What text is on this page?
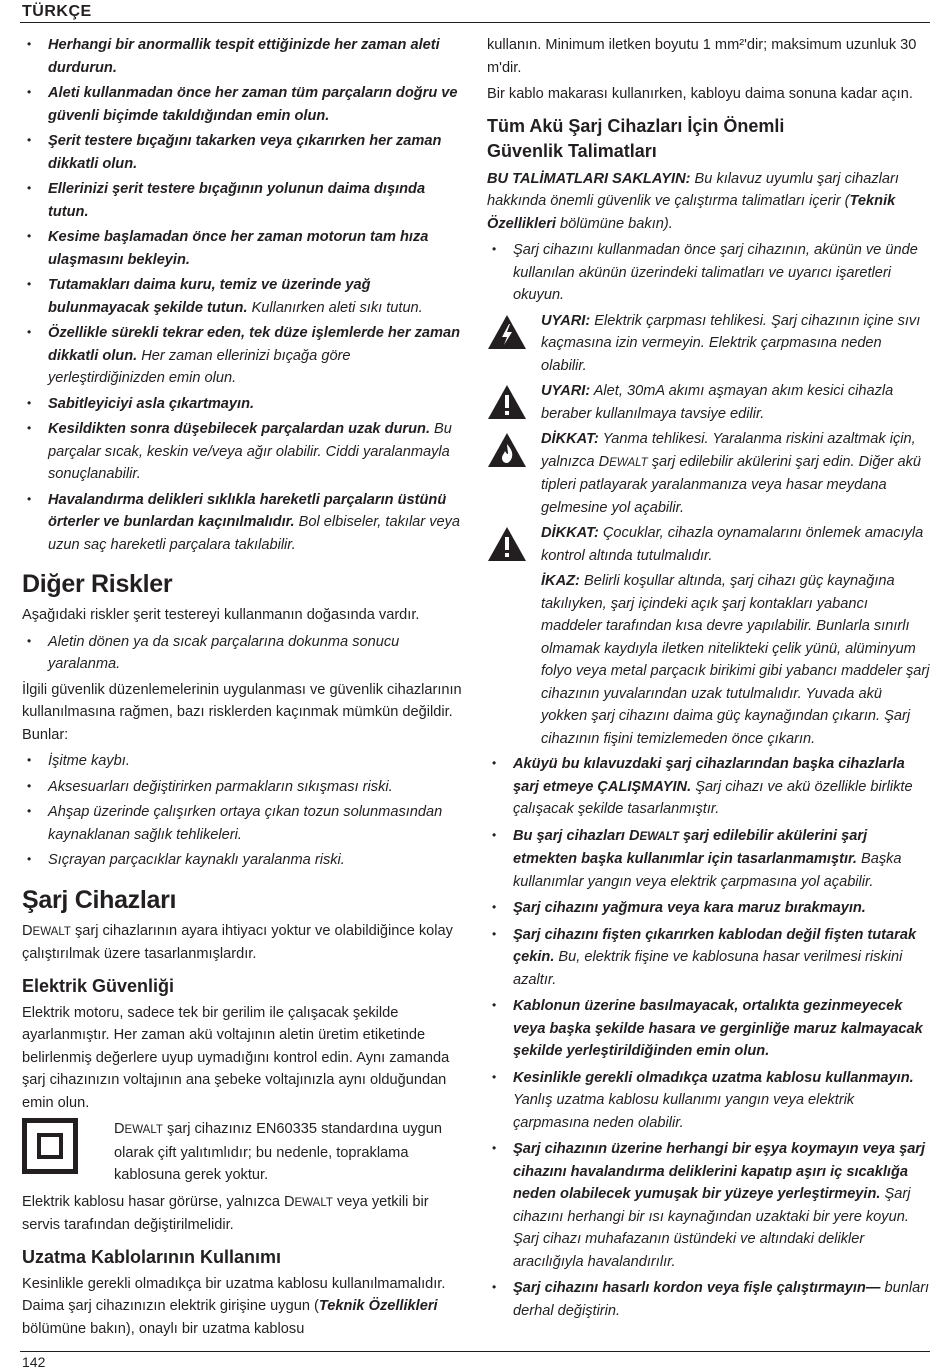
TÜRKÇE
• Herhangi bir anormallik tespit ettiğinizde her zaman aleti durdurun.
• Aleti kullanmadan önce her zaman tüm parçaların doğru ve güvenli biçimde takıldığından emin olun.
• Şerit testere bıçağını takarken veya çıkarırken her zaman dikkatli olun.
• Ellerinizi şerit testere bıçağının yolunun daima dışında tutun.
• Kesime başlamadan önce her zaman motorun tam hıza ulaşmasını bekleyin.
• Tutamakları daima kuru, temiz ve üzerinde yağ bulunmayacak şekilde tutun. Kullanırken aleti sıkı tutun.
• Özellikle sürekli tekrar eden, tek düze işlemlerde her zaman dikkatli olun. Her zaman ellerinizi bıçağa göre yerleştirdiğinizden emin olun.
• Sabitleyiciyi asla çıkartmayın.
• Kesildikten sonra düşebilecek parçalardan uzak durun. Bu parçalar sıcak, keskin ve/veya ağır olabilir. Ciddi yaralanmayla sonuçlanabilir.
• Havalandırma delikleri sıklıkla hareketli parçaların üstünü örterler ve bunlardan kaçınılmalıdır. Bol elbiseler, takılar veya uzun saç hareketli parçalara takılabilir.
Diğer Riskler

Aşağıdaki riskler şerit testereyi kullanmanın doğasında vardır.

• Aletin dönen ya da sıcak parçalarına dokunma sonucu yaralanma.

İlgili güvenlik düzenlemelerinin uygulanması ve güvenlik cihazlarının kullanılmasına rağmen, bazı risklerden kaçınmak mümkün değildir. Bunlar:

• İşitme kaybı.
• Aksesuarları değiştirirken parmakların sıkışması riski.
• Ahşap üzerinde çalışırken ortaya çıkan tozun solunmasından kaynaklanan sağlık tehlikeleri.
• Sıçrayan parçacıklar kaynaklı yaralanma riski.
Şarj Cihazları

DEWALT şarj cihazlarının ayara ihtiyacı yoktur ve olabildiğince kolay çalıştırılmak üzere tasarlanmışlardır.

Elektrik Güvenliği

Elektrik motoru, sadece tek bir gerilim ile çalışacak şekilde ayarlanmıştır. Her zaman akü voltajının aletin üretim etiketinde belirlenmiş değerlere uyup uymadığını kontrol edin. Aynı zamanda şarj cihazınızın voltajının ana şebeke voltajınızla aynı olduğundan emin olun.

DEWALT şarj cihazınız EN60335 standardına uygun olarak çift yalıtımlıdır; bu nedenle, topraklama kablosuna gerek yoktur.

Elektrik kablosu hasar görürse, yalnızca DEWALT veya yetkili bir servis tarafından değiştirilmelidir.

Uzatma Kablolarının Kullanımı

Kesinlikle gerekli olmadıkça bir uzatma kablosu kullanılmamalıdır. Daima şarj cihazınızın elektrik girişine uygun (Teknik Özellikleri bölümüne bakın), onaylı bir uzatma kablosu

kullanın. Minimum iletken boyutu 1 mm²'dir; maksimum uzunluk 30 m'dir.

Bir kablo makarası kullanırken, kabloyu daima sonuna kadar açın.

Tüm Akü Şarj Cihazları İçin Önemli
Güvenlik Talimatları

BU TALİMATLARI SAKLAYIN: Bu kılavuz uyumlu şarj cihazları hakkında önemli güvenlik ve çalıştırma talimatları içerir (Teknik Özellikleri bölümüne bakın).

• Şarj cihazını kullanmadan önce şarj cihazının, akünün ve ünde kullanılan akünün üzerindeki talimatları ve uyarıcı işaretleri okuyun.
UYARI: Elektrik çarpması tehlikesi. Şarj cihazının içine sıvı kaçmasına izin vermeyin. Elektrik çarpmasına neden olabilir.
UYARI: Alet, 30mA akımı aşmayan akım kesici cihazla beraber kullanılmaya tavsiye edilir.
DİKKAT: Yanma tehlikesi. Yaralanma riskini azaltmak için, yalnızca DEWALT şarj edilebilir akülerini şarj edin. Diğer akü tipleri patlayarak yaralanmanıza veya hasar meydana gelmesine yol açabilir.
DİKKAT: Çocuklar, cihazla oynamalarını önlemek amacıyla kontrol altında tutulmalıdır.
İKAZ: Belirli koşullar altında, şarj cihazı güç kaynağına takılıyken, şarj içindeki açık şarj kontakları yabancı maddeler tarafından kısa devre yapılabilir. Bunlarla sınırlı olmamak kaydıyla iletken nitelikteki çelik yünü, alüminyum folyo veya metal parçacık birikimi gibi yabancı maddeler şarj cihazının yuvalarından uzak tutulmalıdır. Yuvada akü yokken şarj cihazını daima güç kaynağından çıkarın. Şarj cihazının fişini temizlemeden önce çıkarın.
• Aküyü bu kılavuzdaki şarj cihazlarından başka cihazlarla şarj etmeye ÇALIŞMAYIN. Şarj cihazı ve akü özellikle birlikte çalışacak şekilde tasarlanmıştır.
• Bu şarj cihazları DEWALT şarj edilebilir akülerini şarj etmekten başka kullanımlar için tasarlanmamıştır. Başka kullanımlar yangın veya elektrik çarpmasına yol açabilir.
• Şarj cihazını yağmura veya kara maruz bırakmayın.
• Şarj cihazını fişten çıkarırken kablodan değil fişten tutarak çekin. Bu, elektrik fişine ve kablosuna hasar verilmesi riskini azaltır.
• Kablonun üzerine basılmayacak, ortalıkta gezinmeyecek veya başka şekilde hasara ve gerginliğe maruz kalmayacak şekilde yerleştirildiğinden emin olun.
• Kesinlikle gerekli olmadıkça uzatma kablosu kullanmayın. Yanlış uzatma kablosu kullanımı yangın veya elektrik çarpmasına neden olabilir.
• Şarj cihazının üzerine herhangi bir eşya koymayın veya şarj cihazını havalandırma deliklerini kapatıp aşırı iç sıcaklığa neden olabilecek yumuşak bir yüzeye yerleştirmeyin. Şarj cihazını herhangi bir ısı kaynağından uzaktaki bir yere koyun. Şarj cihazı muhafazanın üstündeki ve altındaki delikler aracılığıyla havalandırılır.
• Şarj cihazını hasarlı kordon veya fişle çalıştırmayın— bunları derhal değiştirin.
142
